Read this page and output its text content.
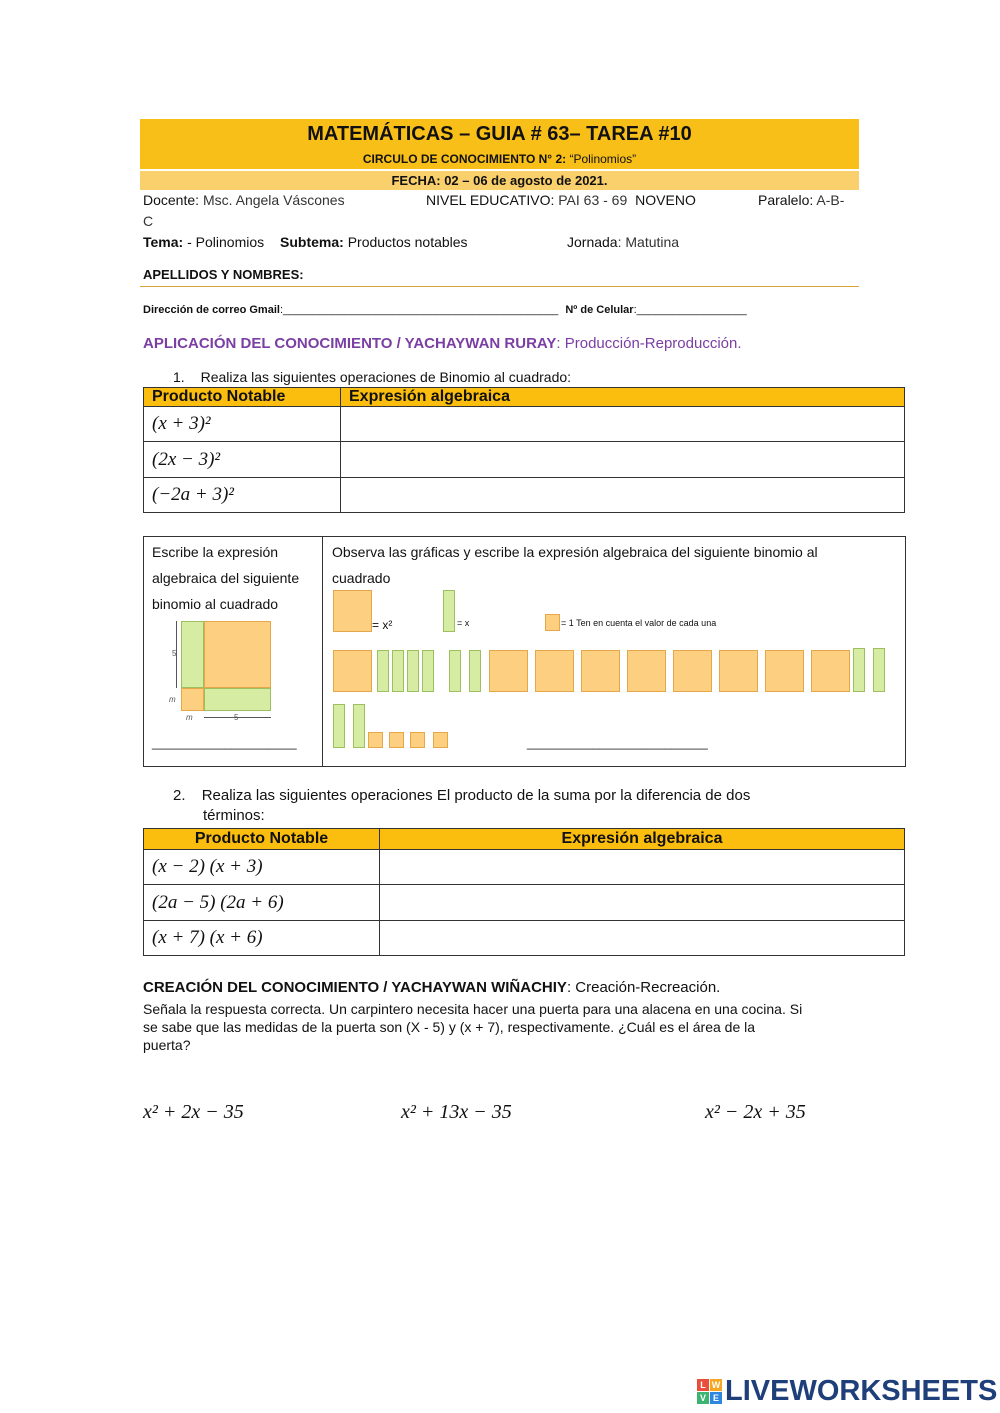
MATEMÁTICAS – GUIA # 63– TAREA #10
CIRCULO DE CONOCIMIENTO N° 2: “Polinomios”
FECHA: 02 – 06 de agosto de 2021.
Docente: Msc. Angela Váscones	NIVEL EDUCATIVO: PAI 63 - 69 NOVENO	Paralelo: A-B-
C
Tema: - Polinomios Subtema: Productos notables	Jornada: Matutina
APELLIDOS Y NOMBRES:
Dirección de correo Gmail:_____________________________________________ Nº de Celular:__________________
APLICACIÓN DEL CONOCIMIENTO / YACHAYWAN RURAY: Producción-Reproducción.
1. Realiza las siguientes operaciones de Binomio al cuadrado:
Producto Notable	Expresión algebraica
(x + 3)²	
(2x − 3)²	
(−2a + 3)²	
Escribe la expresión
algebraica del siguiente
binomio al cuadrado
5
m
m	5
____________________
Observa las gráficas y escribe la expresión algebraica del siguiente binomio al
cuadrado
= x²	= x	= 1 Ten en cuenta el valor de cada una
_________________________
2. Realiza las siguientes operaciones El producto de la suma por la diferencia de dos
términos:
Producto Notable	Expresión algebraica
(x − 2) (x + 3)	
(2a − 5) (2a + 6)	
(x + 7) (x + 6)	
CREACIÓN DEL CONOCIMIENTO / YACHAYWAN WIÑACHIY: Creación-Recreación.
Señala la respuesta correcta. Un carpintero necesita hacer una puerta para una alacena en una cocina. Si
se sabe que las medidas de la puerta son (X - 5) y (x + 7), respectivamente. ¿Cuál es el área de la
puerta?
x² + 2x − 35	x² + 13x − 35	x² − 2x + 35
L W
V E LIVEWORKSHEETS
